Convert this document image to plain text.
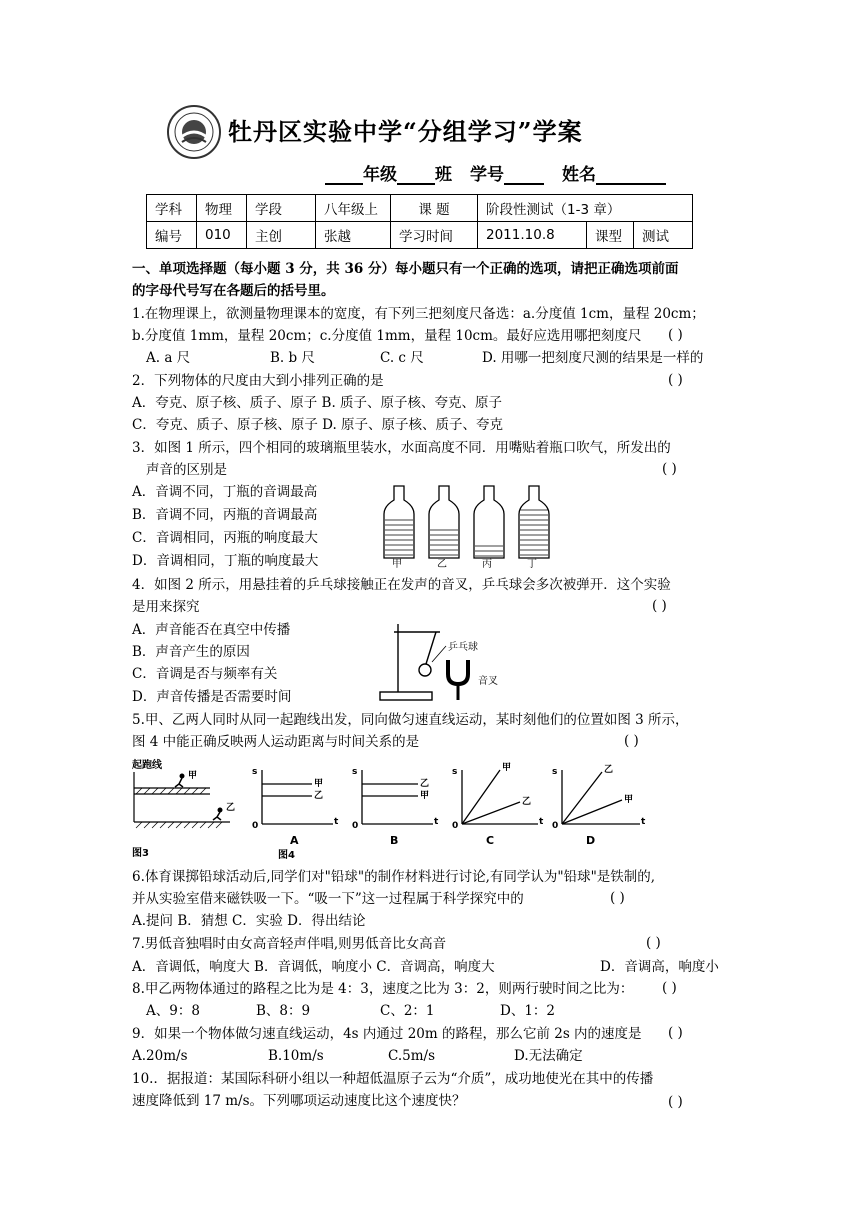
牡丹区实验中学“分组学习”学案
年级 班 学号	姓名
学科	物理	学段	八年级上	课 题	阶段性测试（1-3 章）		
编号	010	主创	张越	学习时间	2011.10.8	课型	测试
一、单项选择题（每小题 3 分，共 36 分）每小题只有一个正确的选项，请把正确选项前面
的字母代号写在各题后的括号里。
1.在物理课上，欲测量物理课本的宽度，有下列三把刻度尺备选：a.分度值 1cm，量程 20cm；
b.分度值 1mm，量程 20cm；c.分度值 1mm，量程 10cm。最好应选用哪把刻度尺 ( )
A. a 尺	B. b 尺	C. c 尺	D. 用哪一把刻度尺测的结果是一样的
2．下列物体的尺度由大到小排列正确的是	( )
A．夸克、原子核、质子、原子 B. 质子、原子核、夸克、原子
C．夸克、质子、原子核、原子 D. 原子、原子核、质子、夸克
3．如图 1 所示，四个相同的玻璃瓶里装水，水面高度不同．用嘴贴着瓶口吹气，所发出的
声音的区别是	( )
A．音调不同，丁瓶的音调最高
B．音调不同，丙瓶的音调最高
C．音调相同，丙瓶的响度最大
D．音调相同，丁瓶的响度最大	甲	乙	丙	丁
4．如图 2 所示，用悬挂着的乒乓球接触正在发声的音叉，乒乓球会多次被弹开．这个实验
是用来探究	( )
A．声音能否在真空中传播
B．声音产生的原因
C．音调是否与频率有关
D．声音传播是否需要时间
乒乓球
音叉
5.甲、乙两人同时从同一起跑线出发，同向做匀速直线运动，某时刻他们的位置如图 3 所示，
图 4 中能正确反映两人运动距离与时间关系的是	( )
起跑线
甲
乙
图3
s
t
0
甲
乙
s
t
0
乙
甲
s
t
0
甲
乙
s
t
0
乙
甲
A	B	C	D
图4
6.体育课掷铅球活动后,同学们对"铅球"的制作材料进行讨论,有同学认为"铅球"是铁制的,
并从实验室借来磁铁吸一下。“吸一下”这一过程属于科学探究中的	( )
A.提问 B．猜想 C．实验 D．得出结论
7.男低音独唱时由女高音轻声伴唱,则男低音比女高音	( )
A．音调低，响度大 B．音调低，响度小 C．音调高，响度大	D．音调高，响度小
8.甲乙两物体通过的路程之比为是 4：3，速度之比为 3：2，则两行驶时间之比为： ( )
A、9：8	B、8：9	C、2：1	D、1：2
9．如果一个物体做匀速直线运动，4s 内通过 20m 的路程，那么它前 2s 内的速度是 ( )
A.20m/s	B.10m/s	C.5m/s	D.无法确定
10.．据报道：某国际科研小组以一种超低温原子云为“介质”，成功地使光在其中的传播
速度降低到 17 m/s。下列哪项运动速度比这个速度快？	( )
